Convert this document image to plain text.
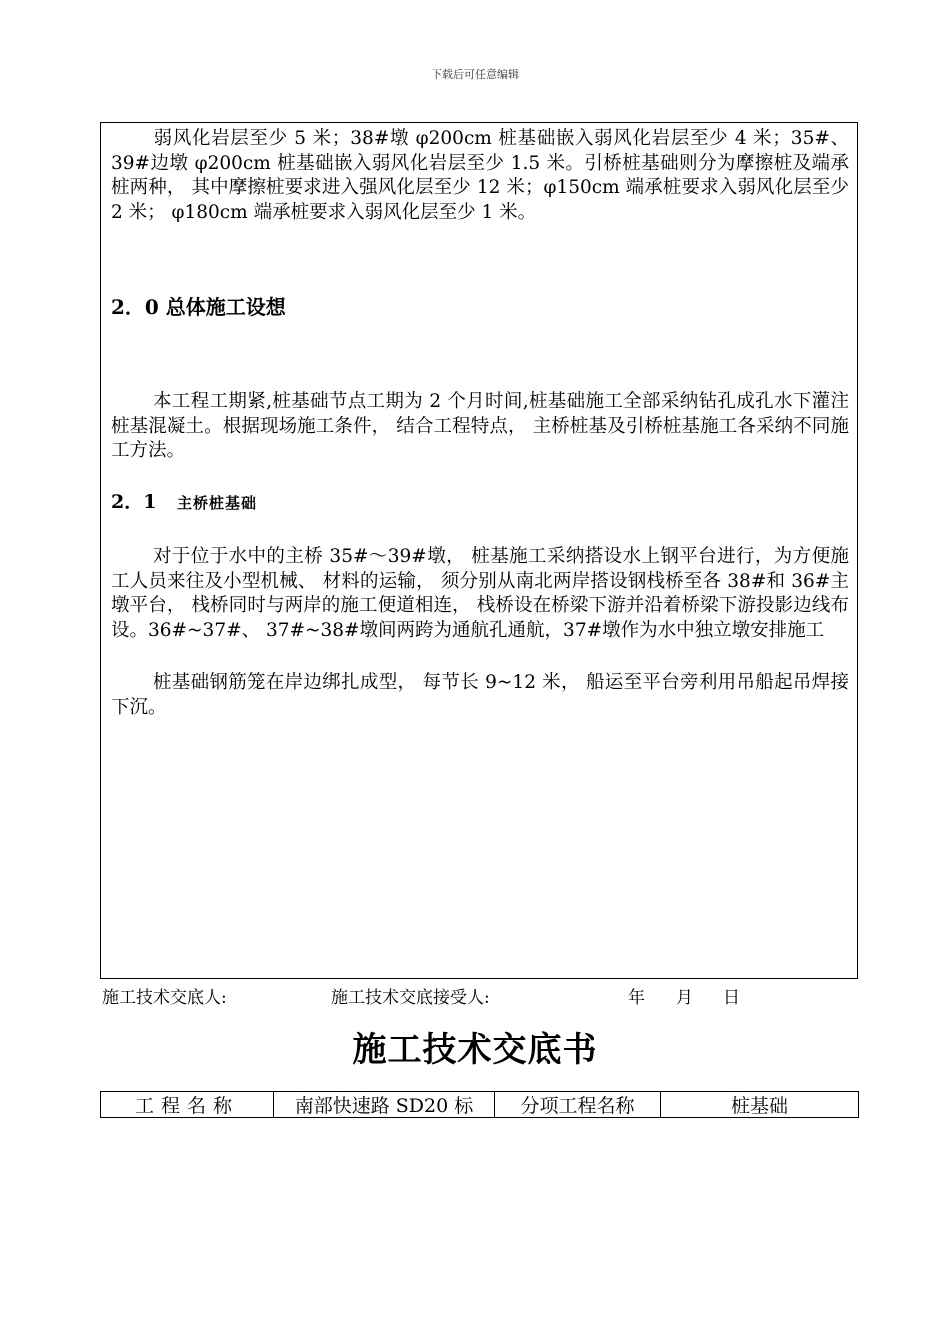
下载后可任意编辑

弱风化岩层至少 5 米；38#墩 φ200cm 桩基础嵌入弱风化岩层至少 4 米；35#、 39#边墩 φ200cm 桩基础嵌入弱风化岩层至少 1.5 米。引桥桩基础则分为摩擦桩及端承桩两种， 其中摩擦桩要求进入强风化层至少 12 米；φ150cm 端承桩要求入弱风化层至少 2 米； φ180cm 端承桩要求入弱风化层至少 1 米。

2．0 总体施工设想

本工程工期紧,桩基础节点工期为 2 个月时间,桩基础施工全部采纳钻孔成孔水下灌注桩基混凝土。根据现场施工条件， 结合工程特点， 主桥桩基及引桥桩基施工各采纳不同施工方法。

2．1 主桥桩基础

对于位于水中的主桥 35#～39#墩， 桩基施工采纳搭设水上钢平台进行，为方便施工人员来往及小型机械、 材料的运输， 须分别从南北两岸搭设钢栈桥至各 38#和 36#主墩平台， 栈桥同时与两岸的施工便道相连， 栈桥设在桥梁下游并沿着桥梁下游投影边线布设。36#~37#、 37#~38#墩间两跨为通航孔通航，37#墩作为水中独立墩安排施工

桩基础钢筋笼在岸边绑扎成型， 每节长 9~12 米， 船运至平台旁利用吊船起吊焊接下沉。

施工技术交底人:	施工技术交底接受人:	年 月 日
施工技术交底书
工程名称	南部快速路 SD20 标	分项工程名称	桩基础
